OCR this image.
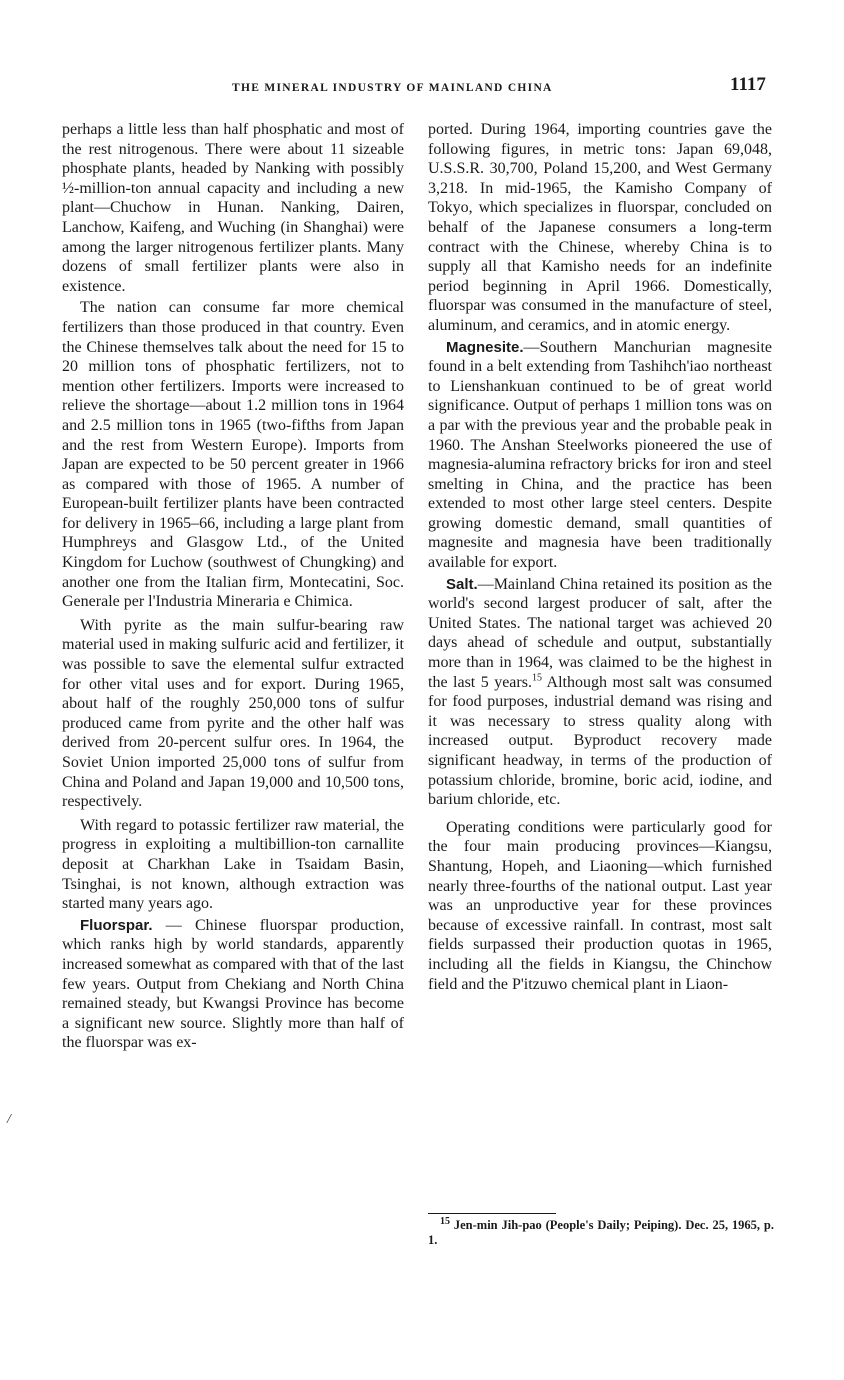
THE MINERAL INDUSTRY OF MAINLAND CHINA	1117

perhaps a little less than half phosphatic and most of the rest nitrogenous. There were about 11 sizeable phosphate plants, headed by Nanking with possibly ½-million-ton annual capacity and including a new plant—Chuchow in Hunan. Nanking, Dairen, Lanchow, Kaifeng, and Wuching (in Shanghai) were among the larger nitrogenous fertilizer plants. Many dozens of small fertilizer plants were also in existence.

The nation can consume far more chemical fertilizers than those produced in that country. Even the Chinese themselves talk about the need for 15 to 20 million tons of phosphatic fertilizers, not to mention other fertilizers. Imports were increased to relieve the shortage—about 1.2 million tons in 1964 and 2.5 million tons in 1965 (two-fifths from Japan and the rest from Western Europe). Imports from Japan are expected to be 50 percent greater in 1966 as compared with those of 1965. A number of European-built fertilizer plants have been contracted for delivery in 1965–66, including a large plant from Humphreys and Glasgow Ltd., of the United Kingdom for Luchow (southwest of Chungking) and another one from the Italian firm, Montecatini, Soc. Generale per l'Industria Mineraria e Chimica.

With pyrite as the main sulfur-bearing raw material used in making sulfuric acid and fertilizer, it was possible to save the elemental sulfur extracted for other vital uses and for export. During 1965, about half of the roughly 250,000 tons of sulfur produced came from pyrite and the other half was derived from 20-percent sulfur ores. In 1964, the Soviet Union imported 25,000 tons of sulfur from China and Poland and Japan 19,000 and 10,500 tons, respectively.

With regard to potassic fertilizer raw material, the progress in exploiting a multibillion-ton carnallite deposit at Charkhan Lake in Tsaidam Basin, Tsinghai, is not known, although extraction was started many years ago.

Fluorspar. — Chinese fluorspar production, which ranks high by world standards, apparently increased somewhat as compared with that of the last few years. Output from Chekiang and North China remained steady, but Kwangsi Province has become a significant new source. Slightly more than half of the fluorspar was ex-

ported. During 1964, importing countries gave the following figures, in metric tons: Japan 69,048, U.S.S.R. 30,700, Poland 15,200, and West Germany 3,218. In mid-1965, the Kamisho Company of Tokyo, which specializes in fluorspar, concluded on behalf of the Japanese consumers a long-term contract with the Chinese, whereby China is to supply all that Kamisho needs for an indefinite period beginning in April 1966. Domestically, fluorspar was consumed in the manufacture of steel, aluminum, and ceramics, and in atomic energy.

Magnesite.—Southern Manchurian magnesite found in a belt extending from Tashihch'iao northeast to Lienshankuan continued to be of great world significance. Output of perhaps 1 million tons was on a par with the previous year and the probable peak in 1960. The Anshan Steelworks pioneered the use of magnesia-alumina refractory bricks for iron and steel smelting in China, and the practice has been extended to most other large steel centers. Despite growing domestic demand, small quantities of magnesite and magnesia have been traditionally available for export.

Salt.—Mainland China retained its position as the world's second largest producer of salt, after the United States. The national target was achieved 20 days ahead of schedule and output, substantially more than in 1964, was claimed to be the highest in the last 5 years.$^{15}$ Although most salt was consumed for food purposes, industrial demand was rising and it was necessary to stress quality along with increased output. Byproduct recovery made significant headway, in terms of the production of potassium chloride, bromine, boric acid, iodine, and barium chloride, etc.

Operating conditions were particularly good for the four main producing provinces—Kiangsu, Shantung, Hopeh, and Liaoning—which furnished nearly three-fourths of the national output. Last year was an unproductive year for these provinces because of excessive rainfall. In contrast, most salt fields surpassed their production quotas in 1965, including all the fields in Kiangsu, the Chinchow field and the P'itzuwo chemical plant in Liaon-

$^{15}$ Jen-min Jih-pao (People's Daily; Peiping). Dec. 25, 1965, p. 1.
/
